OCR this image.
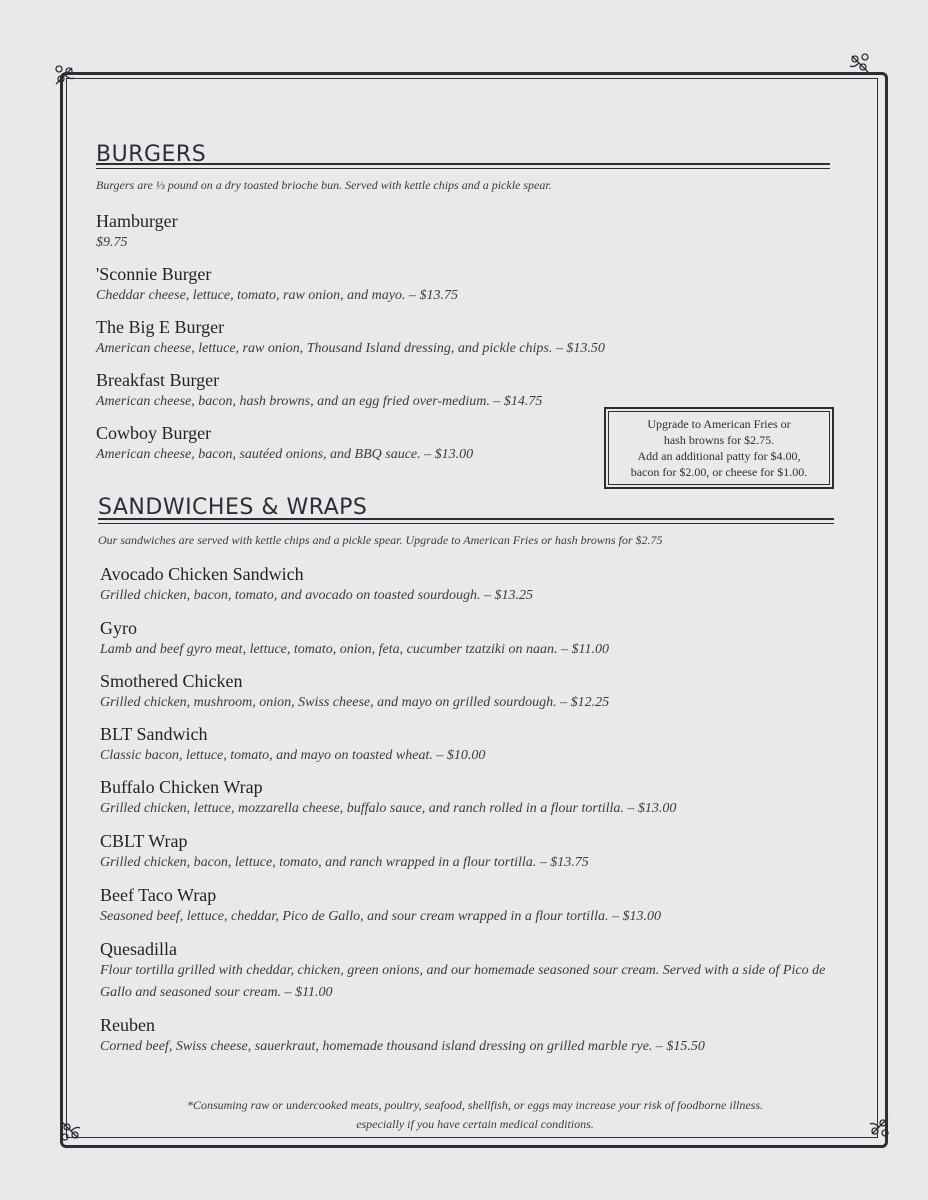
BURGERS

Burgers are ⅓ pound on a dry toasted brioche bun. Served with kettle chips and a pickle spear.

Hamburger
$9.75
'Sconnie Burger
Cheddar cheese, lettuce, tomato, raw onion, and mayo. – $13.75
The Big E Burger
American cheese, lettuce, raw onion, Thousand Island dressing, and pickle chips. – $13.50
Breakfast Burger
American cheese, bacon, hash browns, and an egg fried over-medium. – $14.75
Cowboy Burger
American cheese, bacon, sautéed onions, and BBQ sauce. – $13.00
Upgrade to American Fries or
hash browns for $2.75.
Add an additional patty for $4.00,
bacon for $2.00, or cheese for $1.00.
SANDWICHES & WRAPS

Our sandwiches are served with kettle chips and a pickle spear. Upgrade to American Fries or hash browns for $2.75

Avocado Chicken Sandwich
Grilled chicken, bacon, tomato, and avocado on toasted sourdough. – $13.25
Gyro
Lamb and beef gyro meat, lettuce, tomato, onion, feta, cucumber tzatziki on naan. – $11.00
Smothered Chicken
Grilled chicken, mushroom, onion, Swiss cheese, and mayo on grilled sourdough. – $12.25
BLT Sandwich
Classic bacon, lettuce, tomato, and mayo on toasted wheat. – $10.00
Buffalo Chicken Wrap
Grilled chicken, lettuce, mozzarella cheese, buffalo sauce, and ranch rolled in a flour tortilla. – $13.00
CBLT Wrap
Grilled chicken, bacon, lettuce, tomato, and ranch wrapped in a flour tortilla. – $13.75
Beef Taco Wrap
Seasoned beef, lettuce, cheddar, Pico de Gallo, and sour cream wrapped in a flour tortilla. – $13.00
Quesadilla
Flour tortilla grilled with cheddar, chicken, green onions, and our homemade seasoned sour cream. Served with a side of Pico de Gallo and seasoned sour cream. – $11.00
Reuben
Corned beef, Swiss cheese, sauerkraut, homemade thousand island dressing on grilled marble rye. – $15.50
*Consuming raw or undercooked meats, poultry, seafood, shellfish, or eggs may increase your risk of foodborne illness.
especially if you have certain medical conditions.
